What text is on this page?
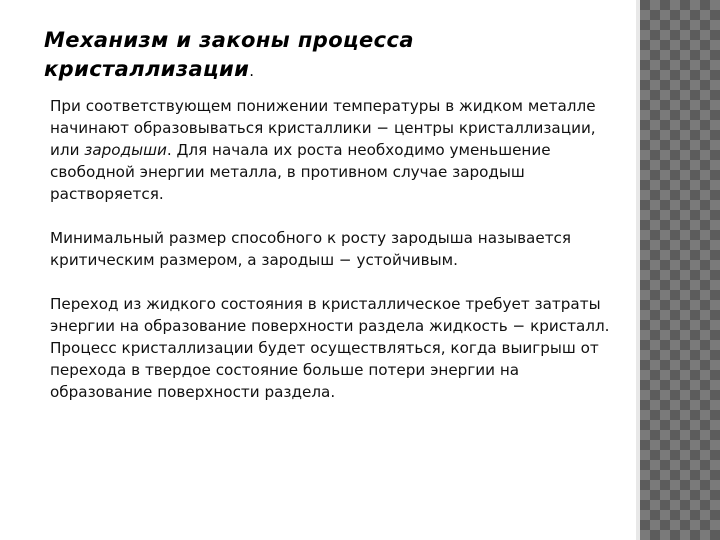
Механизм и законы процесса кристаллизации.

При соответствующем понижении температуры в жидком металле начинают образовываться кристаллики − центры кристаллизации, или зародыши. Для начала их роста необходимо уменьшение свободной энергии металла, в противном случае зародыш растворяется.

Минимальный размер способного к росту зародыша называется критическим размером, а зародыш − устойчивым.

Переход из жидкого состояния в кристаллическое требует затраты энергии на образование поверхности раздела жидкость − кристалл. Процесс кристаллизации будет осуществляться, когда выигрыш от перехода в твердое состояние больше потери энергии на образование поверхности раздела.
